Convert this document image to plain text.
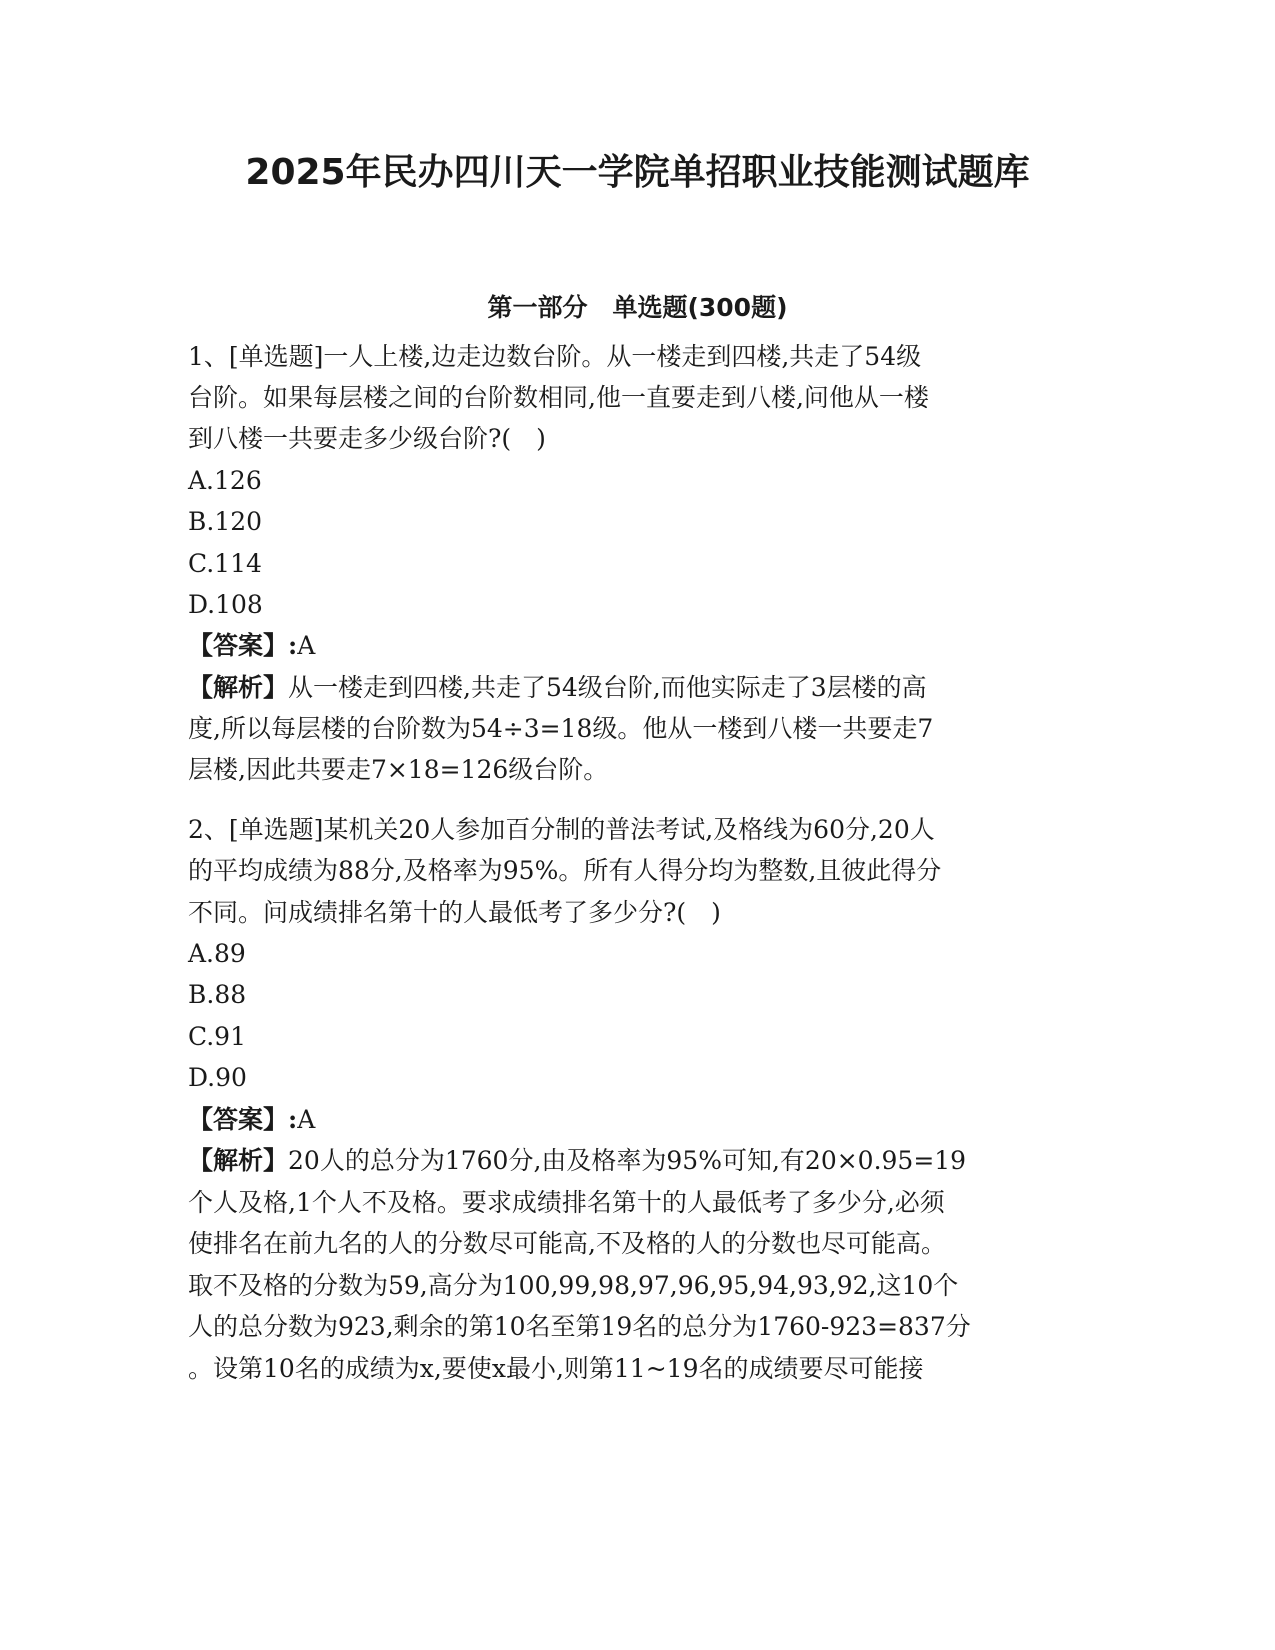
2025年民办四川天一学院单招职业技能测试题库
第一部分　单选题(300题)
1、[单选题]一人上楼,边走边数台阶。从一楼走到四楼,共走了54级
台阶。如果每层楼之间的台阶数相同,他一直要走到八楼,问他从一楼
到八楼一共要走多少级台阶?(　)
A.126
B.120
C.114
D.108
【答案】:A
【解析】从一楼走到四楼,共走了54级台阶,而他实际走了3层楼的高
度,所以每层楼的台阶数为54÷3=18级。他从一楼到八楼一共要走7
层楼,因此共要走7×18=126级台阶。
2、[单选题]某机关20人参加百分制的普法考试,及格线为60分,20人
的平均成绩为88分,及格率为95%。所有人得分均为整数,且彼此得分
不同。问成绩排名第十的人最低考了多少分?(　)
A.89
B.88
C.91
D.90
【答案】:A
【解析】20人的总分为1760分,由及格率为95%可知,有20×0.95=19
个人及格,1个人不及格。要求成绩排名第十的人最低考了多少分,必须
使排名在前九名的人的分数尽可能高,不及格的人的分数也尽可能高。
取不及格的分数为59,高分为100,99,98,97,96,95,94,93,92,这10个
人的总分数为923,剩余的第10名至第19名的总分为1760-923=837分
。设第10名的成绩为x,要使x最小,则第11~19名的成绩要尽可能接
